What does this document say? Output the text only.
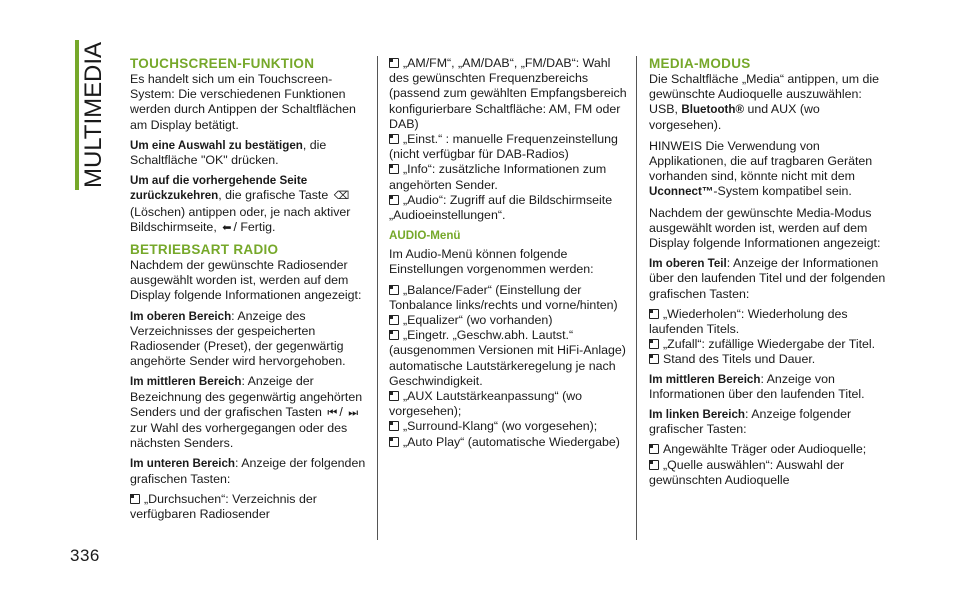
MULTIMEDIA
336
TOUCHSCREEN-FUNKTION

Es handelt sich um ein Touchscreen-System: Die verschiedenen Funktionen werden durch Antippen der Schaltflächen am Display betätigt.

Um eine Auswahl zu bestätigen, die Schaltfläche "OK" drücken.

Um auf die vorhergehende Seite zurückzukehren, die grafische Taste ⌫(Löschen) antippen oder, je nach aktiver Bildschirmseite, ⬅ / Fertig.

BETRIEBSART RADIO

Nachdem der gewünschte Radiosender ausgewählt worden ist, werden auf dem Display folgende Informationen angezeigt:

Im oberen Bereich: Anzeige des Verzeichnisses der gespeicherten Radiosender (Preset), der gegenwärtig angehörte Sender wird hervorgehoben.

Im mittleren Bereich: Anzeige der Bezeichnung des gegenwärtig angehörten Senders und der grafischen Tasten ⏮ / ⏭zur Wahl des vorhergegangen oder des nächsten Senders.

Im unteren Bereich: Anzeige der folgenden grafischen Tasten:

„Durchsuchen“: Verzeichnis der verfügbaren Radiosender

„AM/FM“, „AM/DAB“, „FM/DAB“: Wahl des gewünschten Frequenzbereichs (passend zum gewählten Empfangsbereich konfigurierbare Schaltfläche: AM, FM oder DAB)

„Einst.“ : manuelle Frequenzeinstellung (nicht verfügbar für DAB-Radios)

„Info“: zusätzliche Informationen zum angehörten Sender.

„Audio“: Zugriff auf die Bildschirmseite „Audioeinstellungen“.

AUDIO-Menü

Im Audio-Menü können folgende Einstellungen vorgenommen werden:

„Balance/Fader“ (Einstellung der Tonbalance links/rechts und vorne/hinten)

„Equalizer“ (wo vorhanden)

„Eingetr. „Geschw.abh. Lautst.“ (ausgenommen Versionen mit HiFi-Anlage) automatische Lautstärkeregelung je nach Geschwindigkeit.

„AUX Lautstärkeanpassung“ (wo vorgesehen);

„Surround-Klang“ (wo vorgesehen);

„Auto Play“ (automatische Wiedergabe)

MEDIA-MODUS

Die Schaltfläche „Media“ antippen, um die gewünschte Audioquelle auszuwählen: USB, Bluetooth® und AUX (wo vorgesehen).

HINWEIS Die Verwendung von Applikationen, die auf tragbaren Geräten vorhanden sind, könnte nicht mit dem Uconnect™-System kompatibel sein.

Nachdem der gewünschte Media-Modus ausgewählt worden ist, werden auf dem Display folgende Informationen angezeigt:

Im oberen Teil: Anzeige der Informationen über den laufenden Titel und der folgenden grafischen Tasten:

„Wiederholen“: Wiederholung des laufenden Titels.

„Zufall“: zufällige Wiedergabe der Titel.

Stand des Titels und Dauer.

Im mittleren Bereich: Anzeige von Informationen über den laufenden Titel.

Im linken Bereich: Anzeige folgender grafischer Tasten:

Angewählte Träger oder Audioquelle;

„Quelle auswählen“: Auswahl der gewünschten Audioquelle
